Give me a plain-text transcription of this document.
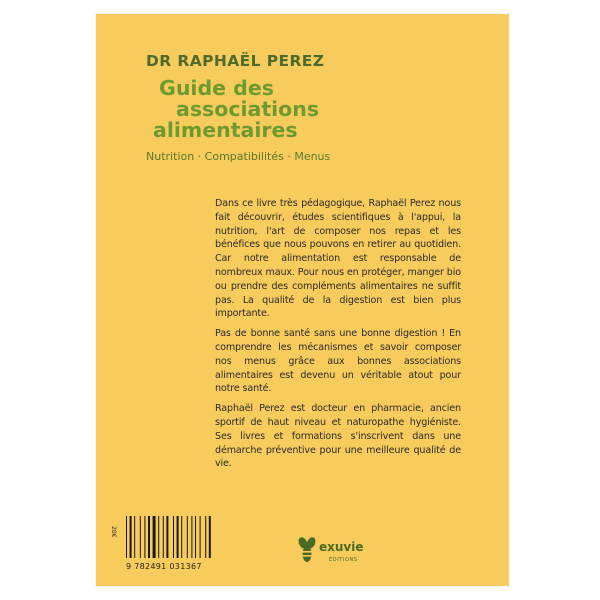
DR RAPHAËL PEREZ
Guide des
associations
alimentaires

Nutrition · Compatibilités · Menus

Dans ce livre très pédagogique, Raphaël Perez nous fait découvrir, études scientifiques à l'appui, la nutrition, l'art de composer nos repas et les bénéfices que nous pouvons en retirer au quotidien. Car notre alimentation est responsable de nombreux maux. Pour nous en protéger, manger bio ou prendre des compléments alimentaires ne suffit pas. La qualité de la digestion est bien plus importante.

Pas de bonne santé sans une bonne digestion ! En comprendre les mécanismes et savoir composer nos menus grâce aux bonnes associations alimentaires est devenu un véritable atout pour notre santé.

Raphaël Perez est docteur en pharmacie, ancien sportif de haut niveau et naturopathe hygiéniste. Ses livres et formations s'inscrivent dans une démarche préventive pour une meilleure qualité de vie.

20€
9 782491 031367
exuvie
ÉDITIONS
